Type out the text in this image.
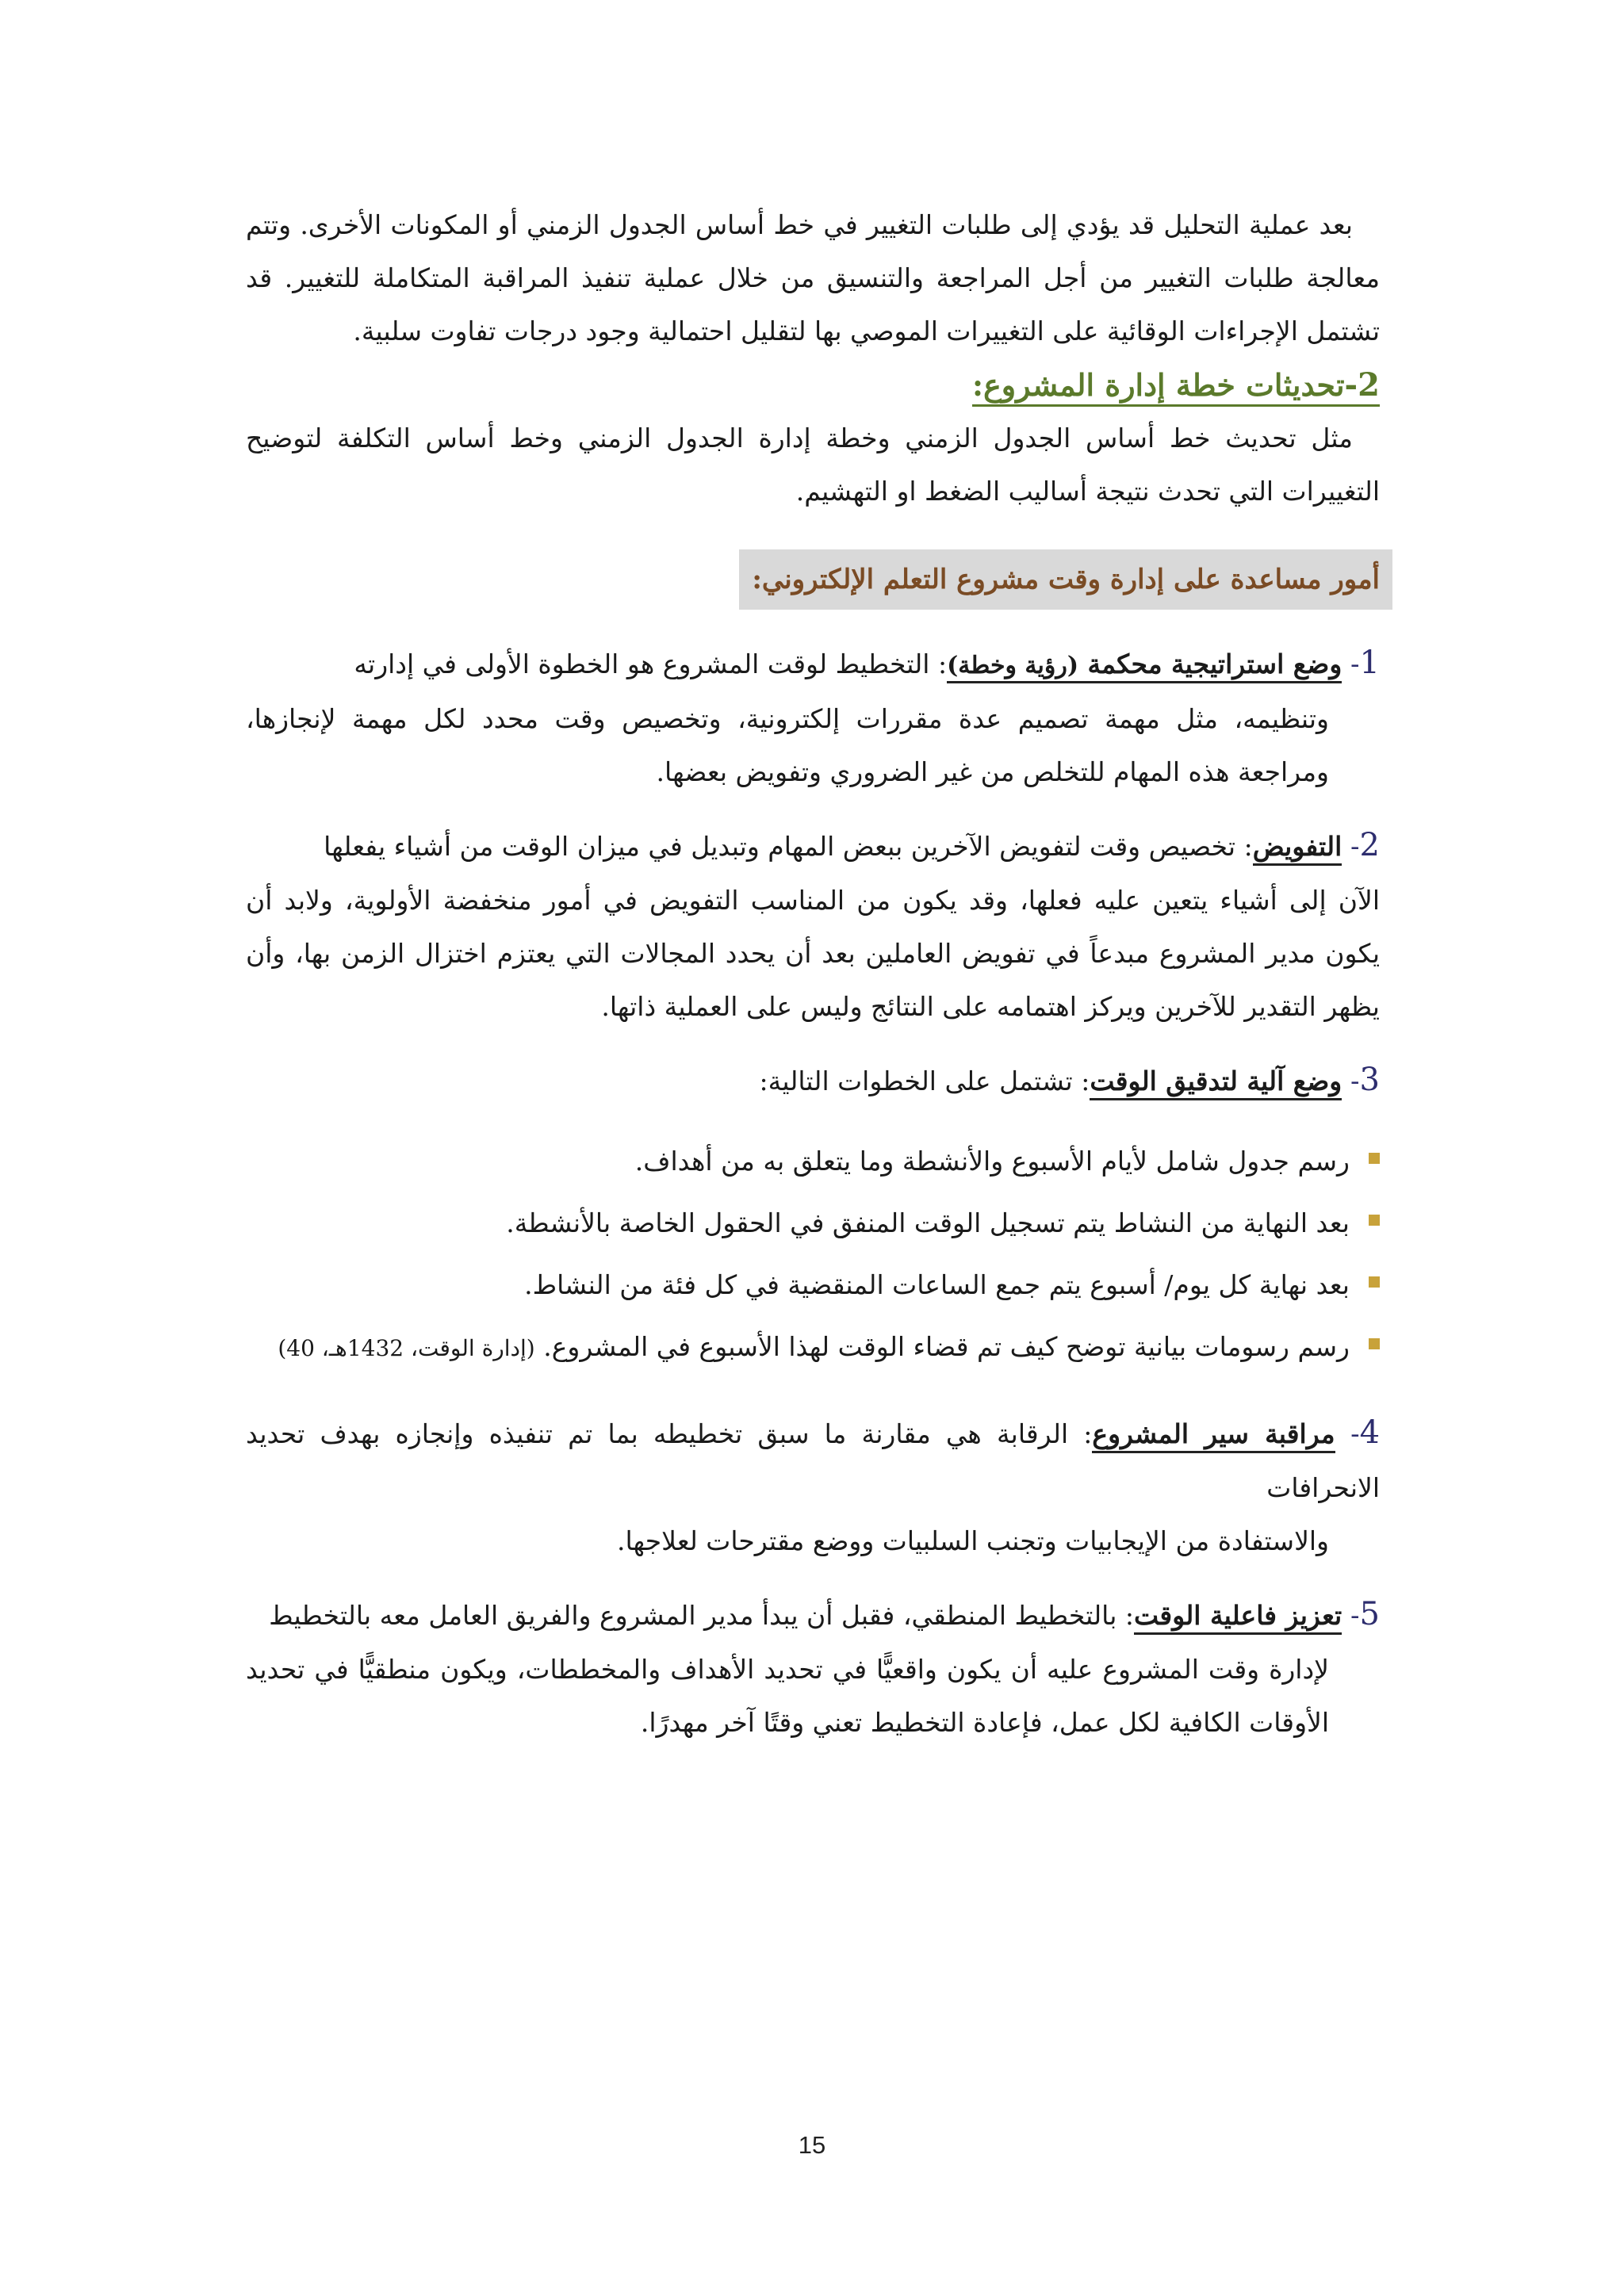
بعد عملية التحليل قد يؤدي إلى طلبات التغيير في خط أساس الجدول الزمني أو المكونات الأخرى. وتتم معالجة طلبات التغيير من أجل المراجعة والتنسيق من خلال عملية تنفيذ المراقبة المتكاملة للتغيير. قد تشتمل الإجراءات الوقائية على التغييرات الموصي بها لتقليل احتمالية وجود درجات تفاوت سلبية.

2-تحديثات خطة إدارة المشروع:

مثل تحديث خط أساس الجدول الزمني وخطة إدارة الجدول الزمني وخط أساس التكلفة لتوضيح التغييرات التي تحدث نتيجة أساليب الضغط او التهشيم.

أمور مساعدة على إدارة وقت مشروع التعلم الإلكتروني:

1- وضع استراتيجية محكمة (رؤية وخطة): التخطيط لوقت المشروع هو الخطوة الأولى في إدارته

وتنظيمه، مثل مهمة تصميم عدة مقررات إلكترونية، وتخصيص وقت محدد لكل مهمة لإنجازها، ومراجعة هذه المهام للتخلص من غير الضروري وتفويض بعضها.

2- التفويض: تخصيص وقت لتفويض الآخرين ببعض المهام وتبديل في ميزان الوقت من أشياء يفعلها

الآن إلى أشياء يتعين عليه فعلها، وقد يكون من المناسب التفويض في أمور منخفضة الأولوية، ولابد أن يكون مدير المشروع مبدعاً في تفويض العاملين بعد أن يحدد المجالات التي يعتزم اختزال الزمن بها، وأن يظهر التقدير للآخرين ويركز اهتمامه على النتائج وليس على العملية ذاتها.

3- وضع آلية لتدقيق الوقت: تشتمل على الخطوات التالية:

رسم جدول شامل لأيام الأسبوع والأنشطة وما يتعلق به من أهداف.
بعد النهاية من النشاط يتم تسجيل الوقت المنفق في الحقول الخاصة بالأنشطة.
بعد نهاية كل يوم/ أسبوع يتم جمع الساعات المنقضية في كل فئة من النشاط.
رسم رسومات بيانية توضح كيف تم قضاء الوقت لهذا الأسبوع في المشروع. (إدارة الوقت، 1432هـ، 40)

4- مراقبة سير المشروع: الرقابة هي مقارنة ما سبق تخطيطه بما تم تنفيذه وإنجازه بهدف تحديد الانحرافات

والاستفادة من الإيجابيات وتجنب السلبيات ووضع مقترحات لعلاجها.

5- تعزيز فاعلية الوقت: بالتخطيط المنطقي، فقبل أن يبدأ مدير المشروع والفريق العامل معه بالتخطيط

لإدارة وقت المشروع عليه أن يكون واقعيًّا في تحديد الأهداف والمخططات، ويكون منطقيًّا في تحديد الأوقات الكافية لكل عمل، فإعادة التخطيط تعني وقتًا آخر مهدرًا.

15
